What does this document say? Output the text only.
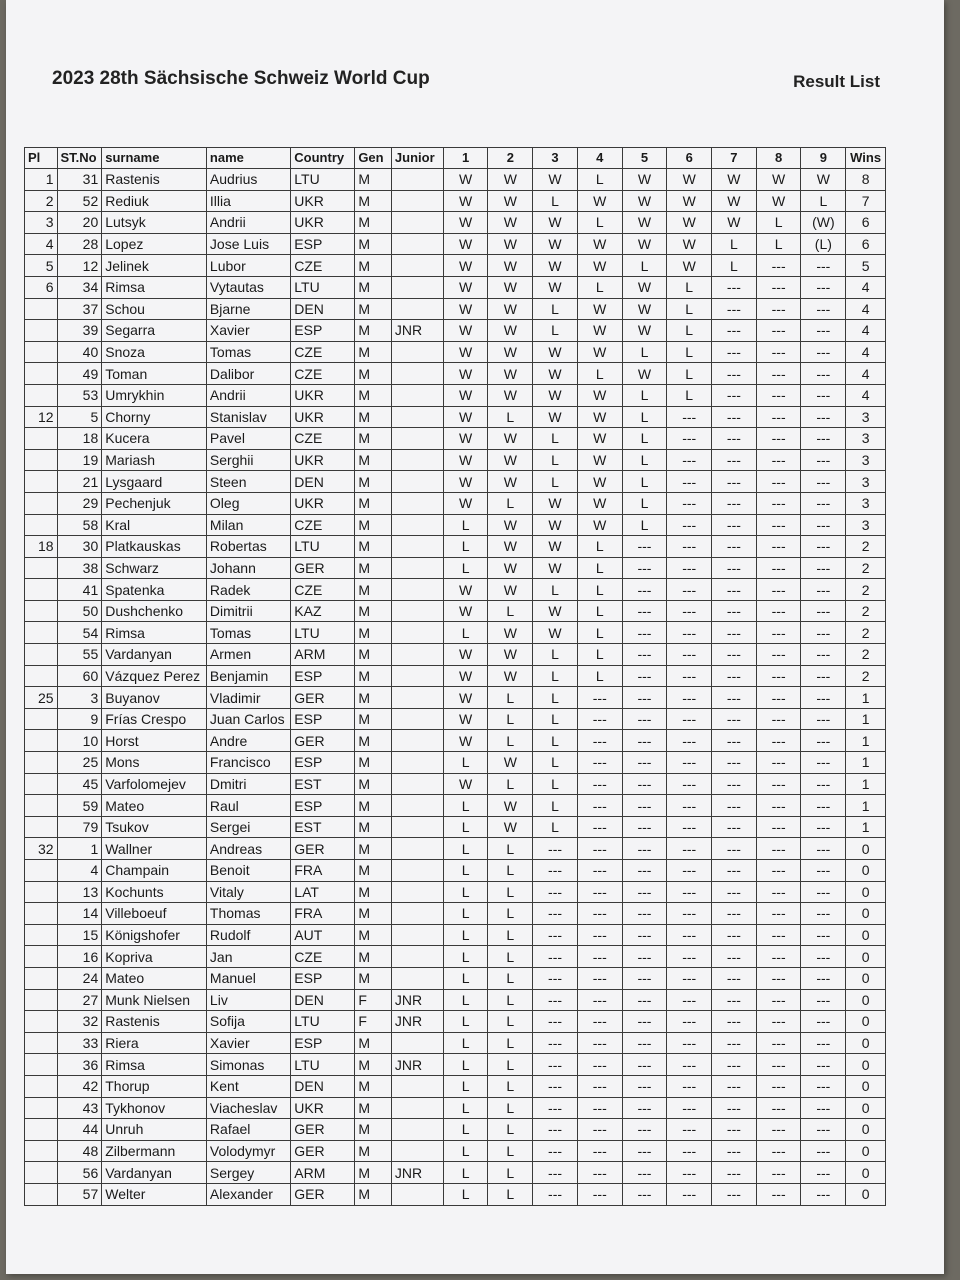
2023 28th Sächsische Schweiz World Cup	Result List
Pl	ST.No	surname	name	Country	Gen	Junior	1	2	3	4	5	6	7	8	9	Wins
1	31	Rastenis	Audrius	LTU	M		W	W	W	L	W	W	W	W	W	8
2	52	Rediuk	Illia	UKR	M		W	W	L	W	W	W	W	W	L	7
3	20	Lutsyk	Andrii	UKR	M		W	W	W	L	W	W	W	L	(W)	6
4	28	Lopez	Jose Luis	ESP	M		W	W	W	W	W	W	L	L	(L)	6
5	12	Jelinek	Lubor	CZE	M		W	W	W	W	L	W	L	---	---	5
6	34	Rimsa	Vytautas	LTU	M		W	W	W	L	W	L	---	---	---	4
	37	Schou	Bjarne	DEN	M		W	W	L	W	W	L	---	---	---	4
	39	Segarra	Xavier	ESP	M	JNR	W	W	L	W	W	L	---	---	---	4
	40	Snoza	Tomas	CZE	M		W	W	W	W	L	L	---	---	---	4
	49	Toman	Dalibor	CZE	M		W	W	W	L	W	L	---	---	---	4
	53	Umrykhin	Andrii	UKR	M		W	W	W	W	L	L	---	---	---	4
12	5	Chorny	Stanislav	UKR	M		W	L	W	W	L	---	---	---	---	3
	18	Kucera	Pavel	CZE	M		W	W	L	W	L	---	---	---	---	3
	19	Mariash	Serghii	UKR	M		W	W	L	W	L	---	---	---	---	3
	21	Lysgaard	Steen	DEN	M		W	W	L	W	L	---	---	---	---	3
	29	Pechenjuk	Oleg	UKR	M		W	L	W	W	L	---	---	---	---	3
	58	Kral	Milan	CZE	M		L	W	W	W	L	---	---	---	---	3
18	30	Platkauskas	Robertas	LTU	M		L	W	W	L	---	---	---	---	---	2
	38	Schwarz	Johann	GER	M		L	W	W	L	---	---	---	---	---	2
	41	Spatenka	Radek	CZE	M		W	W	L	L	---	---	---	---	---	2
	50	Dushchenko	Dimitrii	KAZ	M		W	L	W	L	---	---	---	---	---	2
	54	Rimsa	Tomas	LTU	M		L	W	W	L	---	---	---	---	---	2
	55	Vardanyan	Armen	ARM	M		W	W	L	L	---	---	---	---	---	2
	60	Vázquez Perez	Benjamin	ESP	M		W	W	L	L	---	---	---	---	---	2
25	3	Buyanov	Vladimir	GER	M		W	L	L	---	---	---	---	---	---	1
	9	Frías Crespo	Juan Carlos	ESP	M		W	L	L	---	---	---	---	---	---	1
	10	Horst	Andre	GER	M		W	L	L	---	---	---	---	---	---	1
	25	Mons	Francisco	ESP	M		L	W	L	---	---	---	---	---	---	1
	45	Varfolomejev	Dmitri	EST	M		W	L	L	---	---	---	---	---	---	1
	59	Mateo	Raul	ESP	M		L	W	L	---	---	---	---	---	---	1
	79	Tsukov	Sergei	EST	M		L	W	L	---	---	---	---	---	---	1
32	1	Wallner	Andreas	GER	M		L	L	---	---	---	---	---	---	---	0
	4	Champain	Benoit	FRA	M		L	L	---	---	---	---	---	---	---	0
	13	Kochunts	Vitaly	LAT	M		L	L	---	---	---	---	---	---	---	0
	14	Villeboeuf	Thomas	FRA	M		L	L	---	---	---	---	---	---	---	0
	15	Königshofer	Rudolf	AUT	M		L	L	---	---	---	---	---	---	---	0
	16	Kopriva	Jan	CZE	M		L	L	---	---	---	---	---	---	---	0
	24	Mateo	Manuel	ESP	M		L	L	---	---	---	---	---	---	---	0
	27	Munk Nielsen	Liv	DEN	F	JNR	L	L	---	---	---	---	---	---	---	0
	32	Rastenis	Sofija	LTU	F	JNR	L	L	---	---	---	---	---	---	---	0
	33	Riera	Xavier	ESP	M		L	L	---	---	---	---	---	---	---	0
	36	Rimsa	Simonas	LTU	M	JNR	L	L	---	---	---	---	---	---	---	0
	42	Thorup	Kent	DEN	M		L	L	---	---	---	---	---	---	---	0
	43	Tykhonov	Viacheslav	UKR	M		L	L	---	---	---	---	---	---	---	0
	44	Unruh	Rafael	GER	M		L	L	---	---	---	---	---	---	---	0
	48	Zilbermann	Volodymyr	GER	M		L	L	---	---	---	---	---	---	---	0
	56	Vardanyan	Sergey	ARM	M	JNR	L	L	---	---	---	---	---	---	---	0
	57	Welter	Alexander	GER	M		L	L	---	---	---	---	---	---	---	0
